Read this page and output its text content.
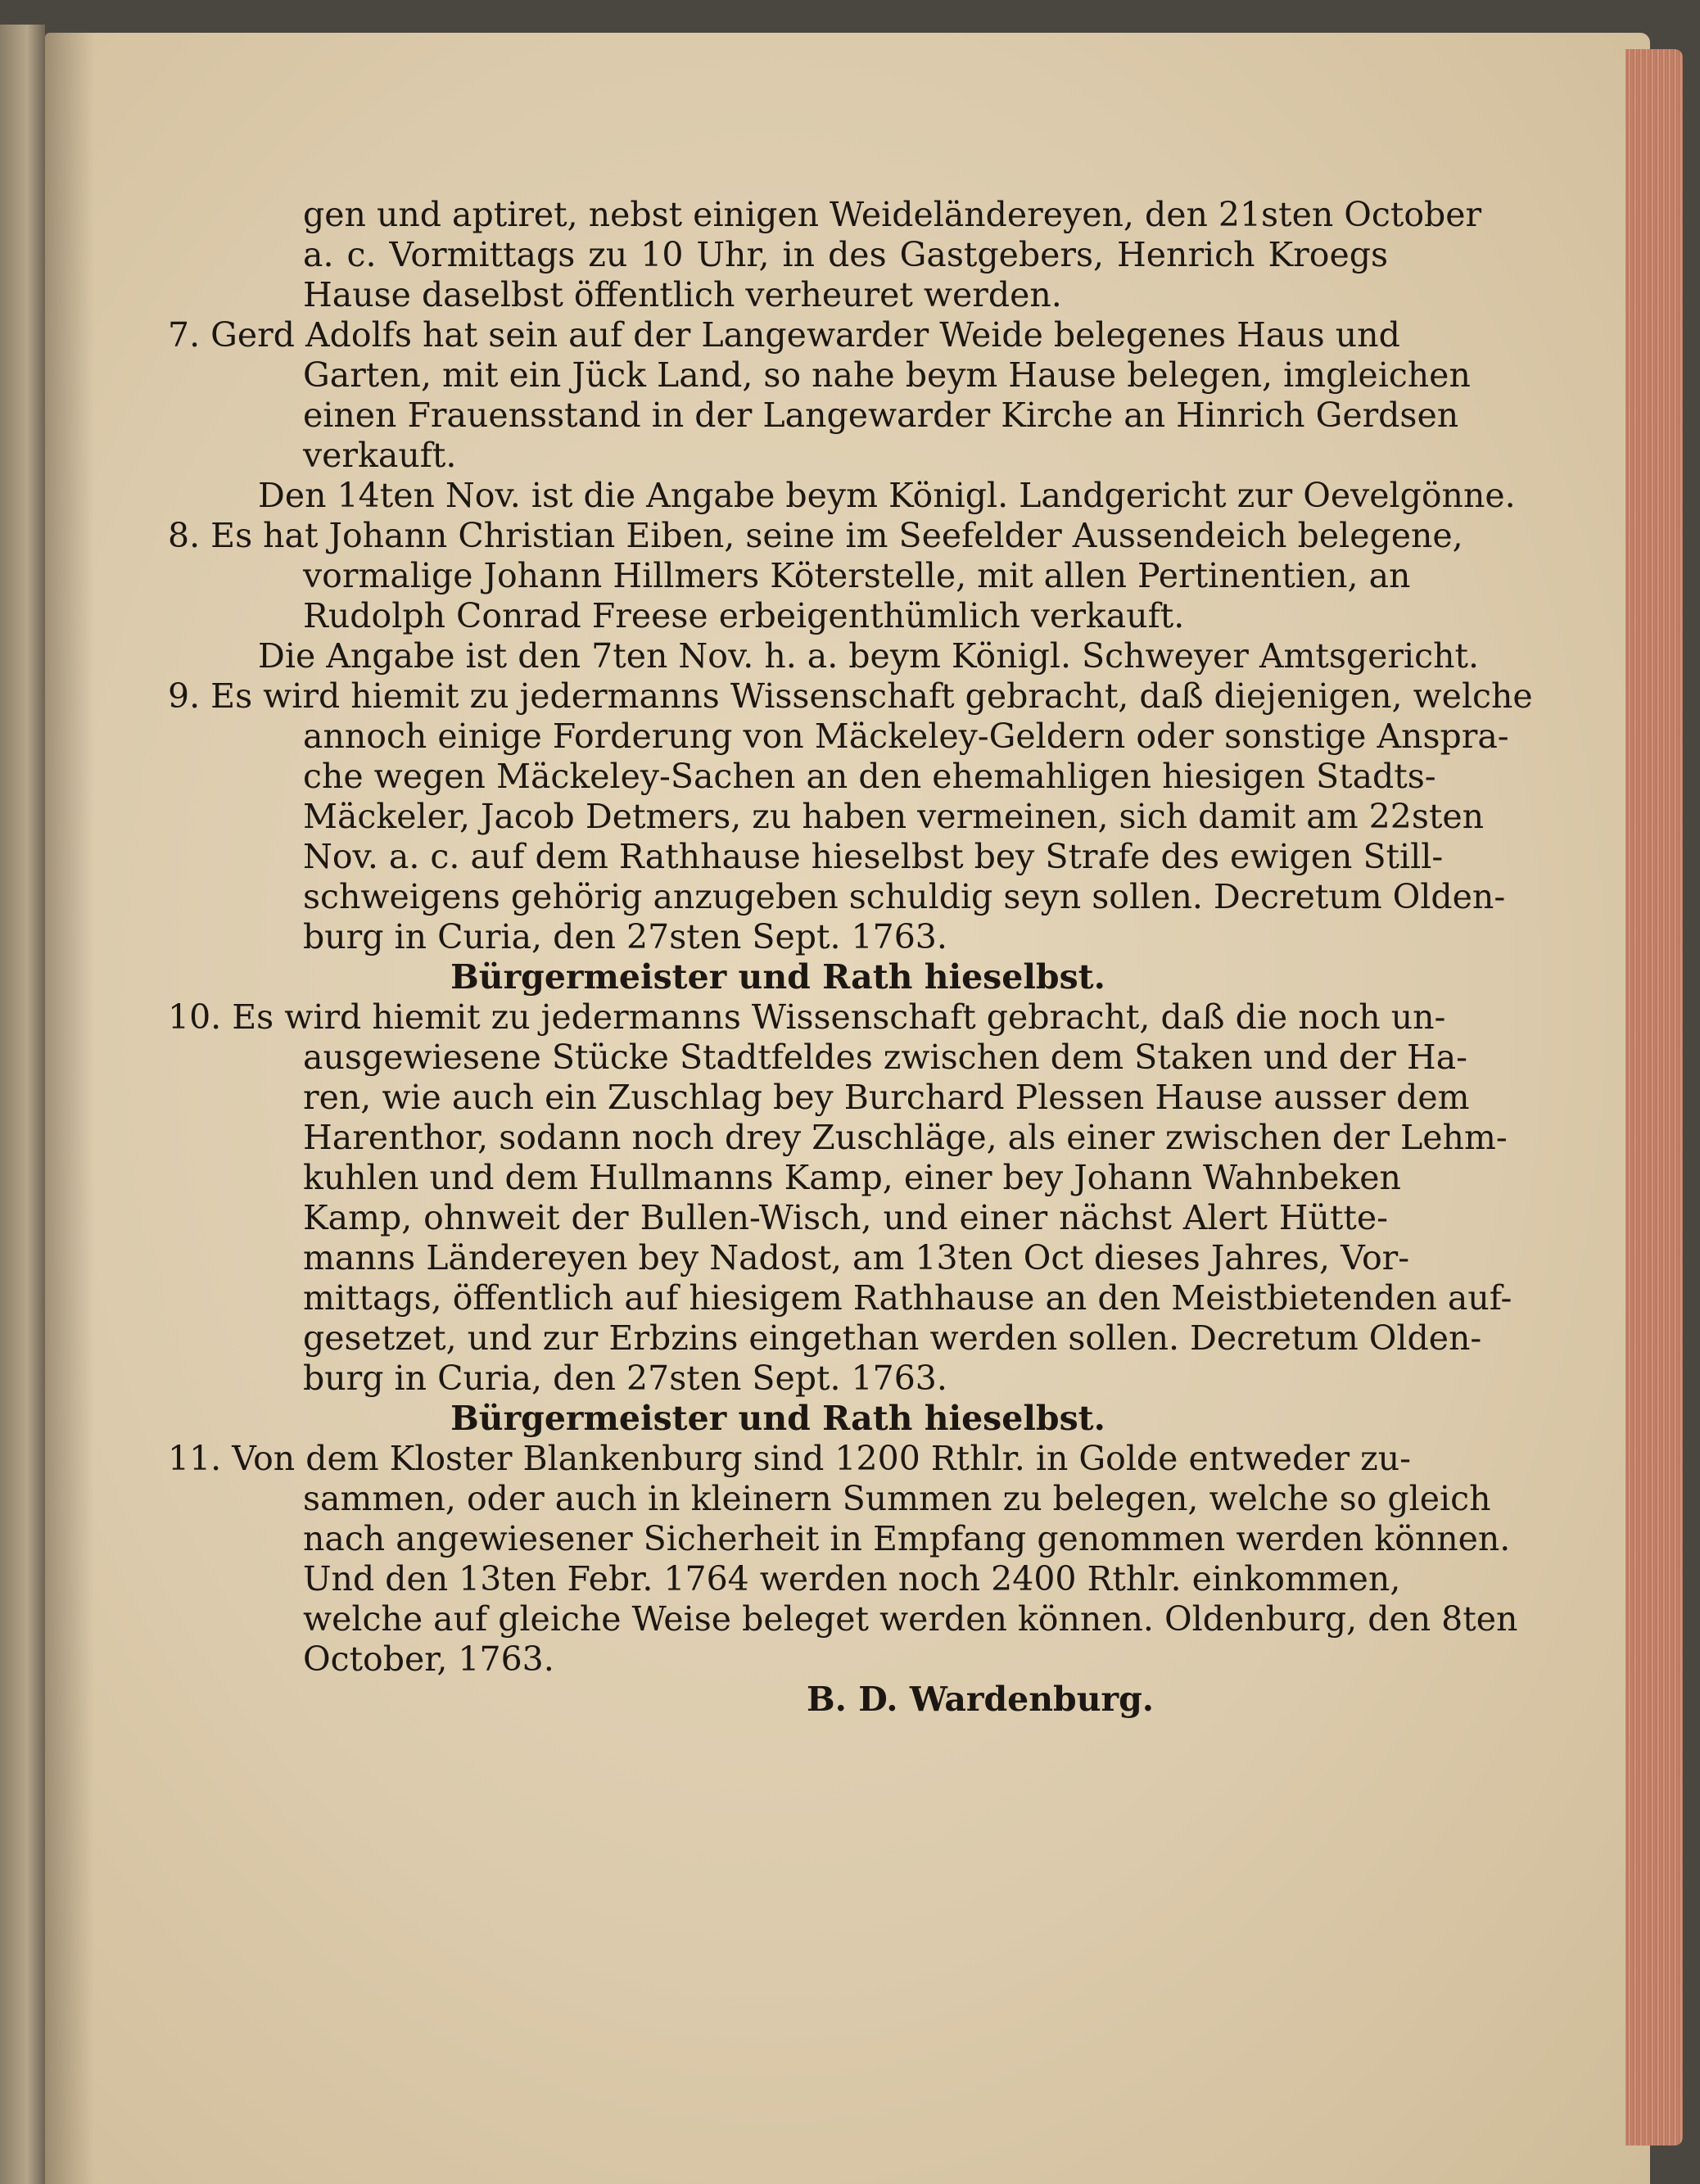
gen und aptiret, nebst einigen Weideländereyen, den 21sten October
a. c. Vormittags zu 10 Uhr, in des Gastgebers, Henrich Kroegs
Hause daselbst öffentlich verheuret werden.
7. Gerd Adolfs hat sein auf der Langewarder Weide belegenes Haus und
Garten, mit ein Jück Land, so nahe beym Hause belegen, imgleichen
einen Frauensstand in der Langewarder Kirche an Hinrich Gerdsen
verkauft.
Den 14ten Nov. ist die Angabe beym Königl. Landgericht zur Oevelgönne.
8. Es hat Johann Christian Eiben, seine im Seefelder Aussendeich belegene,
vormalige Johann Hillmers Köterstelle, mit allen Pertinentien, an
Rudolph Conrad Freese erbeigenthümlich verkauft.
Die Angabe ist den 7ten Nov. h. a. beym Königl. Schweyer Amtsgericht.
9. Es wird hiemit zu jedermanns Wissenschaft gebracht, daß diejenigen, welche
annoch einige Forderung von Mäckeley-Geldern oder sonstige Anspra-
che wegen Mäckeley-Sachen an den ehemahligen hiesigen Stadts-
Mäckeler, Jacob Detmers, zu haben vermeinen, sich damit am 22sten
Nov. a. c. auf dem Rathhause hieselbst bey Strafe des ewigen Still-
schweigens gehörig anzugeben schuldig seyn sollen. Decretum Olden-
burg in Curia, den 27sten Sept. 1763.
Bürgermeister und Rath hieselbst.
10. Es wird hiemit zu jedermanns Wissenschaft gebracht, daß die noch un-
ausgewiesene Stücke Stadtfeldes zwischen dem Staken und der Ha-
ren, wie auch ein Zuschlag bey Burchard Plessen Hause ausser dem
Harenthor, sodann noch drey Zuschläge, als einer zwischen der Lehm-
kuhlen und dem Hullmanns Kamp, einer bey Johann Wahnbeken
Kamp, ohnweit der Bullen-Wisch, und einer nächst Alert Hütte-
manns Ländereyen bey Nadost, am 13ten Oct dieses Jahres, Vor-
mittags, öffentlich auf hiesigem Rathhause an den Meistbietenden auf-
gesetzet, und zur Erbzins eingethan werden sollen. Decretum Olden-
burg in Curia, den 27sten Sept. 1763.
Bürgermeister und Rath hieselbst.
11. Von dem Kloster Blankenburg sind 1200 Rthlr. in Golde entweder zu-
sammen, oder auch in kleinern Summen zu belegen, welche so gleich
nach angewiesener Sicherheit in Empfang genommen werden können.
Und den 13ten Febr. 1764 werden noch 2400 Rthlr. einkommen,
welche auf gleiche Weise beleget werden können. Oldenburg, den 8ten
October, 1763.
B. D. Wardenburg.
